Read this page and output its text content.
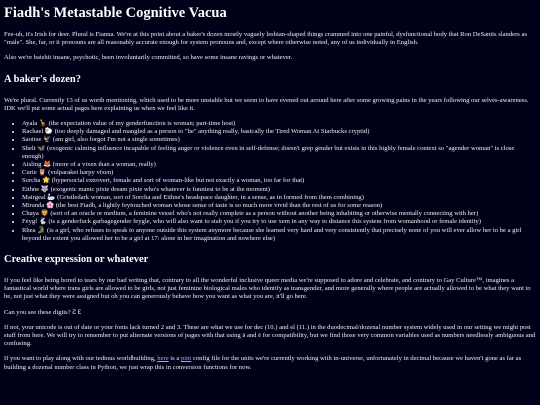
Fiadh's Metastable Cognitive Vacua

Fee-uh, it's Irish for deer. Plural is Fianna. We're at this point about a baker's dozen mostly vaguely lesbian-shaped things crammed into one painful, dysfunctional body that Ron DeSantis slanders as "male". She, far, or it pronouns are all reasonably accurate enough for system pronouns and, except where otherwise noted, any of us individually in English.

Also we're batshit insane, psychotic, been involuntarily committed, so have some insane ravings or whatever.

A baker's dozen?

We're plural. Currently 13 of us worth mentioning, which used to be more unstable but we seem to have evened out around here after some growing pains in the years following our selves-awareness. IDK we'll put some actual pages here explaining us when we feel like it.

• Ayala 🦒 (the expectation value of my genderfunction is woman; part-time host)
• Rachael 🐑 (too deeply damaged and mangled as a person to "be" anything really, basically the Tired Woman At Starbucks cryptid)
• Saoirse 🦅 (am girl, also forgot I'm not a single sometimes)
• Shelt 🦋 (exogenic calming influence incapable of feeling anger or violence even in self-defense; doesn't grep gender but exists in this highly female context so "agender woman" is close enough)
• Aisling 🦊 (more of a vixen than a woman, really)
• Curie 🦉 (vulparaket harpy vixen)
• Sorcha 🌟 (hypersocial extrovert, female and sort of woman-like but not exactly a woman, too far for that)
• Eithne 🐺 (exogenic manic pixie dream pixie who's whatever is funniest to be at the moment)
• Mairgeal 🦢 (Gristledark woman, sort of Sorcha and Eithne's headspace daughter, in a sense, as in formed from them combining)
• Miranda 🌸 (the best Fiadh, a lightly feytouched woman whose sense of taste is so much more vivid than the rest of us for some reason)
• Chaya 🦁 (sort of an oracle or medium, a feminine vessel who's not really complete as a person without another being inhabiting or otherwise mentally connecting with her)
• Feygl 🐇 (is a genderfuck garbagegender feygle, who will also want to stab you if you try to use xem in any way to distance this system from womanhood or female identity)
• Rhea 🐊 (is a girl, who refuses to speak to anyone outside this system anymore because she learned very hard and very consistently that precisely none of you will ever allow her to be a girl beyond the extent you allowed her to be a girl at 17: alone in her imagination and nowhere else)
Creative expression or whatever

If you feel like being bored to tears by our bad writing that, contrary to all the wonderful inclusive queer media we're supposed to adore and celebrate, and contrary to Gay Culture™, imagines a fantastical world where trans girls are allowed to be girls, not just feminine biological males who identify as transgender, and more generally where people are actually allowed to be what they want to be, not just what they were assigned but oh you can generously behave how you want as what you are, it'll go here.

Can you see these digits? ↊ ↋

If not, your unicode is out of date or your fonts lack turned 2 and 3. These are what we use for dec (10.) and el (11.) in the duodecimal/dozenal number system widely used in our setting we might post stuff from here. We will try to remember to put alternate versions of pages with that using ā and ē for compatibility, but we find those very common variables used as numbers needlessly ambiguous and confusing.

If you want to play along with our tedious worldbuilding, here is a pint config file for the units we're currently working with in-universe, unfortunately in decimal because we haven't gone as far as building a dozenal number class in Python, we just wrap this in conversion functions for now.
